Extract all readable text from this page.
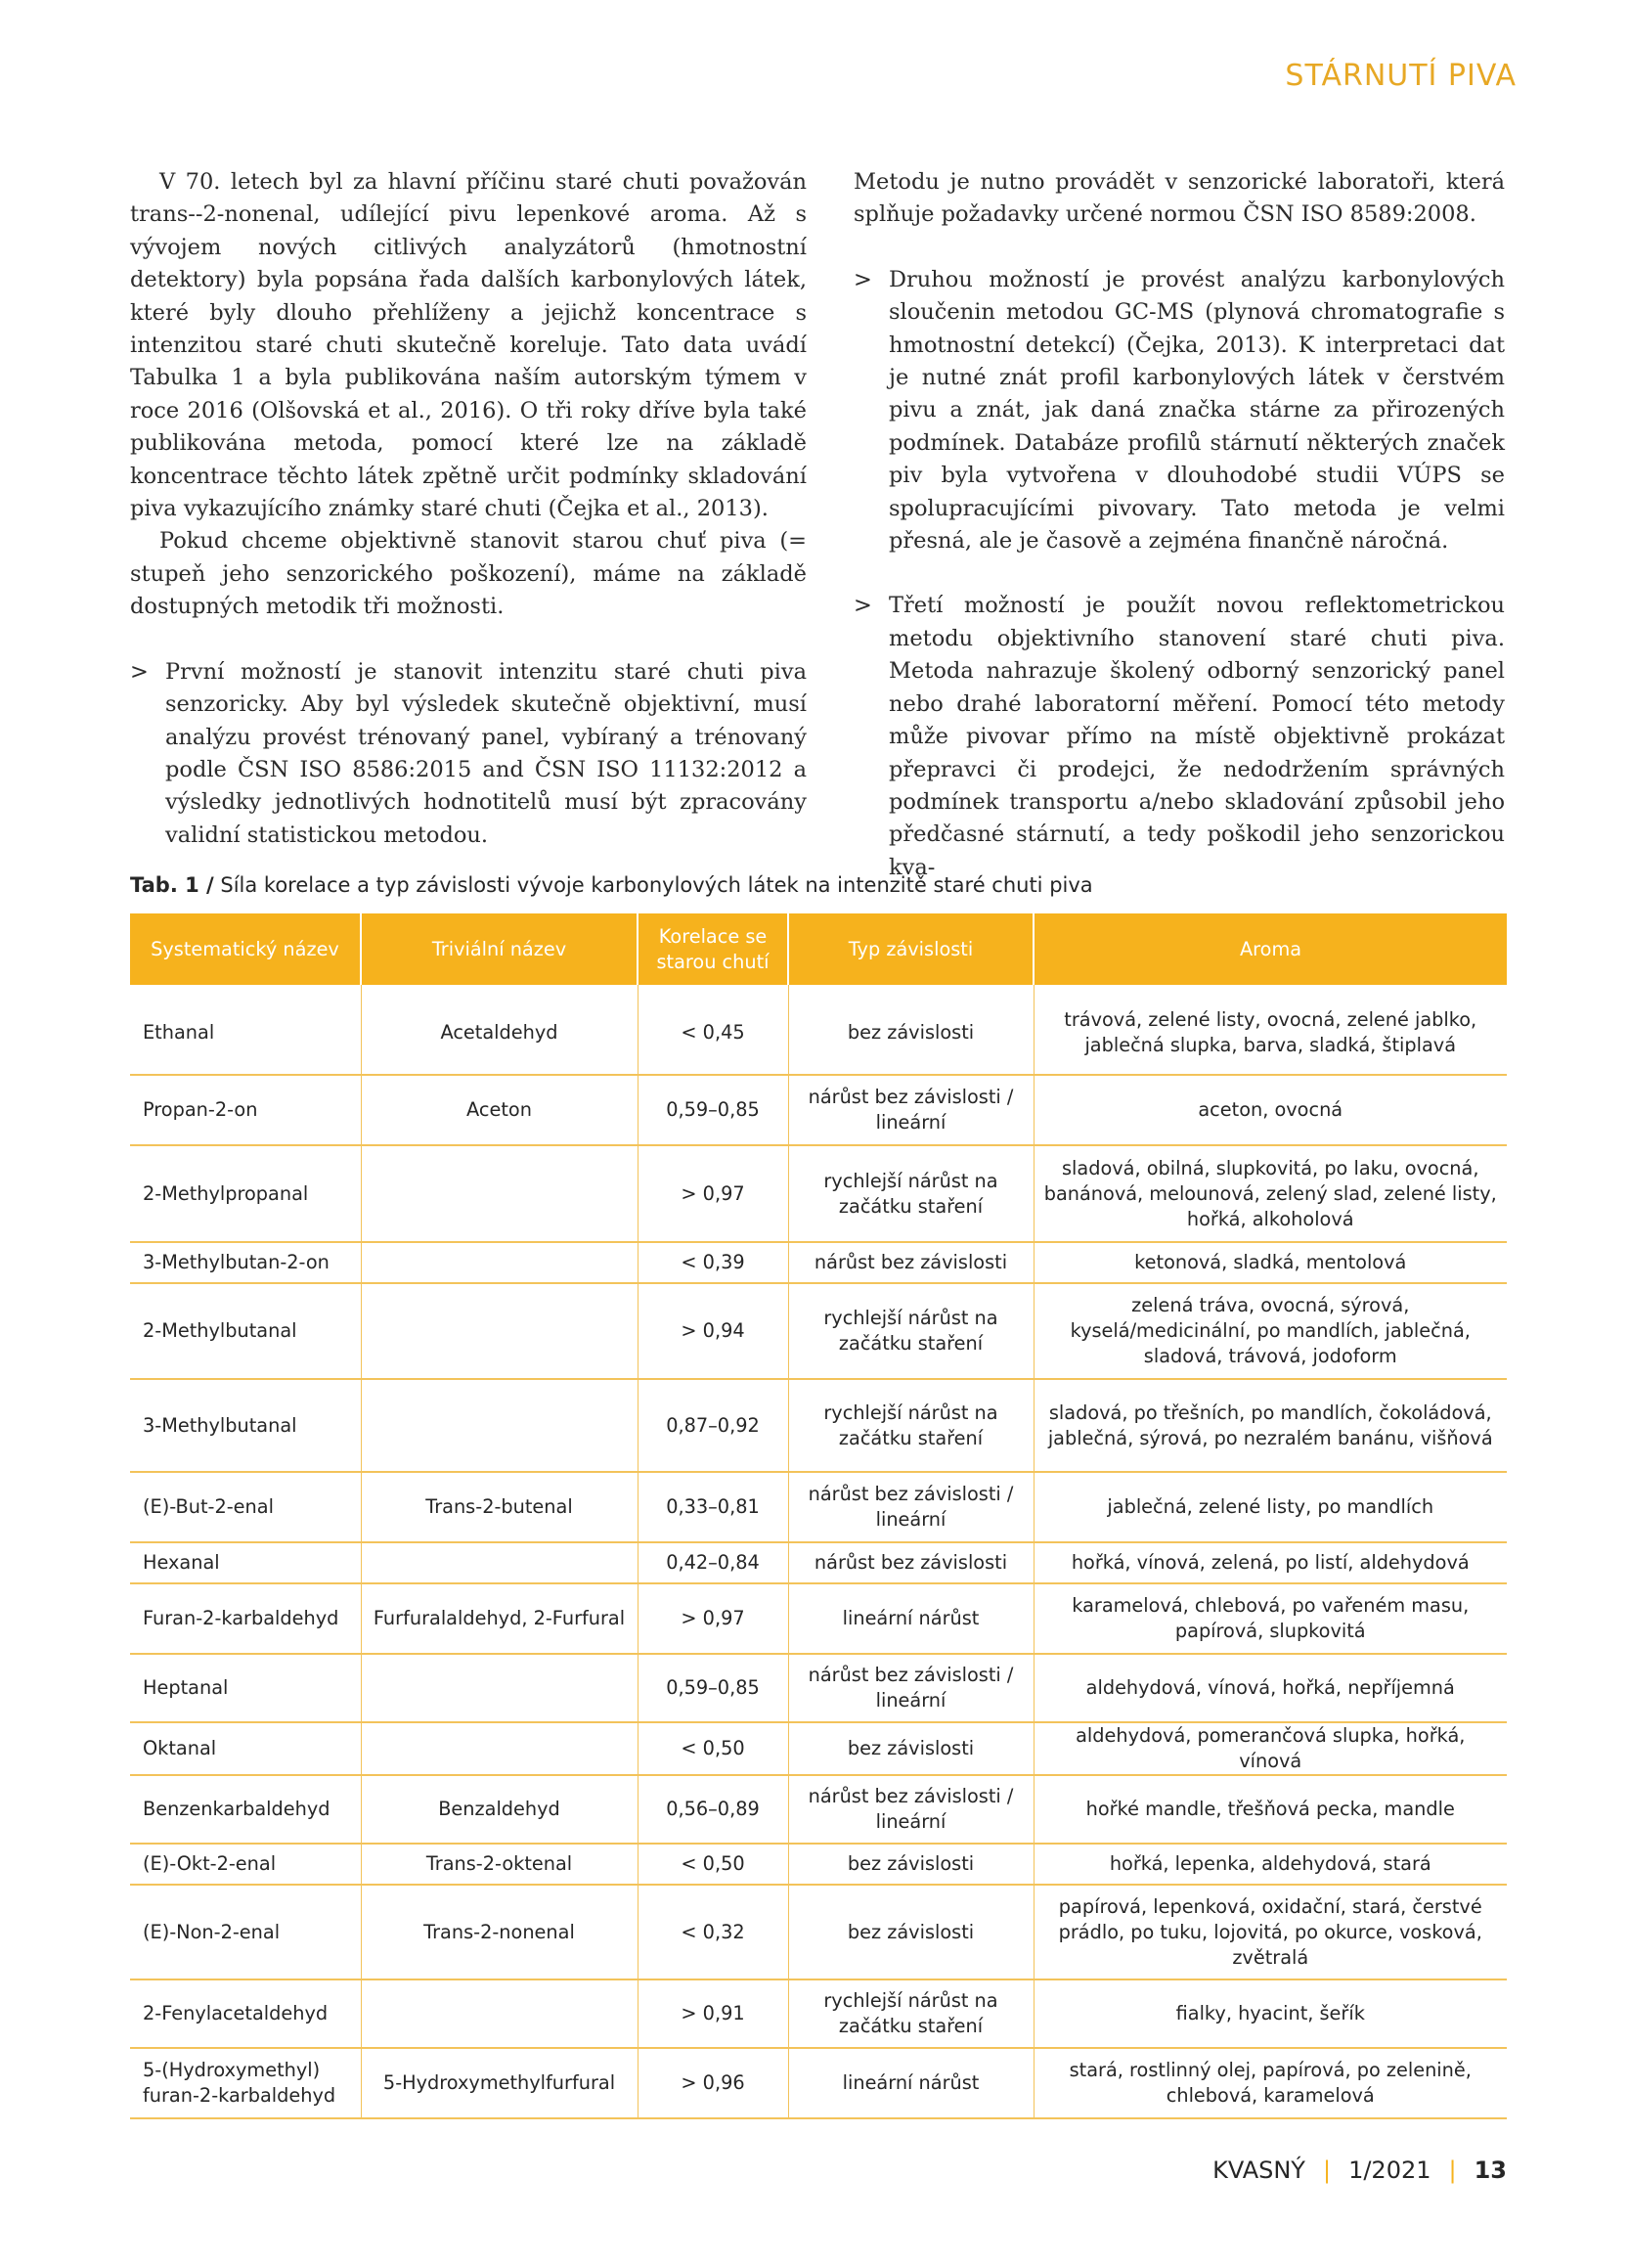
STÁRNUTÍ PIVA

V 70. letech byl za hlavní příčinu staré chuti považován trans--2-nonenal, udílející pivu lepenkové aroma. Až s vývojem nových citlivých analyzátorů (hmotnostní detektory) byla popsána řada dalších karbonylových látek, které byly dlouho přehlíženy a jejichž koncentrace s intenzitou staré chuti skutečně koreluje. Tato data uvádí Tabulka 1 a byla publikována naším autorským týmem v roce 2016 (Olšovská et al., 2016). O tři roky dříve byla také publikována metoda, pomocí které lze na základě koncentrace těchto látek zpětně určit podmínky skladování piva vykazujícího známky staré chuti (Čejka et al., 2013).

Pokud chceme objektivně stanovit starou chuť piva (= stupeň jeho senzorického poškození), máme na základě dostupných metodik tři možnosti.

> První možností je stanovit intenzitu staré chuti piva senzoricky. Aby byl výsledek skutečně objektivní, musí analýzu provést trénovaný panel, vybíraný a trénovaný podle ČSN ISO 8586:2015 and ČSN ISO 11132:2012 a výsledky jednotlivých hodnotitelů musí být zpracovány validní statistickou metodou.

Metodu je nutno provádět v senzorické laboratoři, která splňuje požadavky určené normou ČSN ISO 8589:2008.

> Druhou možností je provést analýzu karbonylových sloučenin metodou GC-MS (plynová chromatografie s hmotnostní detekcí) (Čejka, 2013). K interpretaci dat je nutné znát profil karbonylových látek v čerstvém pivu a znát, jak daná značka stárne za přirozených podmínek. Databáze profilů stárnutí některých značek piv byla vytvořena v dlouhodobé studii VÚPS se spolupracujícími pivovary. Tato metoda je velmi přesná, ale je časově a zejména finančně náročná.
> Třetí možností je použít novou reflektometrickou metodu objektivního stanovení staré chuti piva. Metoda nahrazuje školený odborný senzorický panel nebo drahé laboratorní měření. Pomocí této metody může pivovar přímo na místě objektivně prokázat přepravci či prodejci, že nedodržením správných podmínek transportu a/nebo skladování způsobil jeho předčasné stárnutí, a tedy poškodil jeho senzorickou kva-
Tab. 1 / Síla korelace a typ závislosti vývoje karbonylových látek na intenzitě staré chuti piva
Systematický název	Triviální název	Korelace se starou chutí	Typ závislosti	Aroma
Ethanal	Acetaldehyd	< 0,45	bez závislosti	trávová, zelené listy, ovocná, zelené jablko, jablečná slupka, barva, sladká, štiplavá
Propan-2-on	Aceton	0,59–0,85	nárůst bez závislosti / lineární	aceton, ovocná
2-Methylpropanal		> 0,97	rychlejší nárůst na začátku staření	sladová, obilná, slupkovitá, po laku, ovocná, banánová, melounová, zelený slad, zelené listy, hořká, alkoholová
3-Methylbutan-2-on		< 0,39	nárůst bez závislosti	ketonová, sladká, mentolová
2-Methylbutanal		> 0,94	rychlejší nárůst na začátku staření	zelená tráva, ovocná, sýrová, kyselá/medicinální, po mandlích, jablečná, sladová, trávová, jodoform
3-Methylbutanal		0,87–0,92	rychlejší nárůst na začátku staření	sladová, po třešních, po mandlích, čokoládová, jablečná, sýrová, po nezralém banánu, višňová
(E)-But-2-enal	Trans-2-butenal	0,33–0,81	nárůst bez závislosti / lineární	jablečná, zelené listy, po mandlích
Hexanal		0,42–0,84	nárůst bez závislosti	hořká, vínová, zelená, po listí, aldehydová
Furan-2-karbaldehyd	Furfuralaldehyd, 2-Furfural	> 0,97	lineární nárůst	karamelová, chlebová, po vařeném masu, papírová, slupkovitá
Heptanal		0,59–0,85	nárůst bez závislosti / lineární	aldehydová, vínová, hořká, nepříjemná
Oktanal		< 0,50	bez závislosti	aldehydová, pomerančová slupka, hořká, vínová
Benzenkarbaldehyd	Benzaldehyd	0,56–0,89	nárůst bez závislosti / lineární	hořké mandle, třešňová pecka, mandle
(E)-Okt-2-enal	Trans-2-oktenal	< 0,50	bez závislosti	hořká, lepenka, aldehydová, stará
(E)-Non-2-enal	Trans-2-nonenal	< 0,32	bez závislosti	papírová, lepenková, oxidační, stará, čerstvé prádlo, po tuku, lojovitá, po okurce, vosková, zvětralá
2-Fenylacetaldehyd		> 0,91	rychlejší nárůst na začátku staření	fialky, hyacint, šeřík
5-(Hydroxymethyl) furan-2-karbaldehyd	5-Hydroxymethylfurfural	> 0,96	lineární nárůst	stará, rostlinný olej, papírová, po zelenině, chlebová, karamelová
KVASNÝ | 1/2021 | 13
